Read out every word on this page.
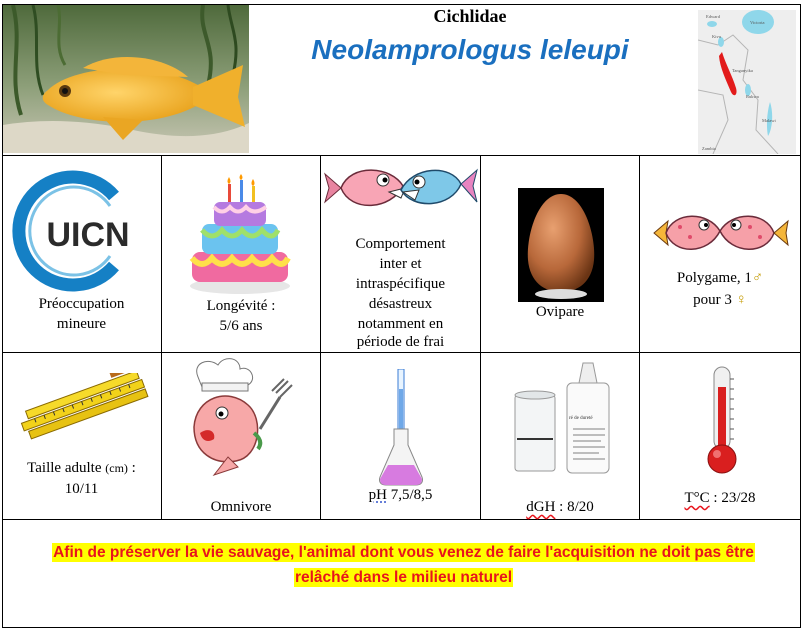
Cichlidae
Neolamprologus leleupi
Edward
Kivu
Victoria
Tanganyika
Rukwa
Malawi
Zambia
UICN
Préoccupation
mineure
Longévité :
5/6 ans
Comportement
inter et
intraspécifique
désastreux
notamment en
période de frai
Ovipare
Polygame, 1♂
pour 3 ♀
Taille adulte (cm) :
10/11
Omnivore
pH 7,5/8,5
ré de dureté
dGH : 8/20
T°C : 23/28
Afin de préserver la vie sauvage, l'animal dont vous venez de faire l'acquisition ne doit pas être
relâché dans le milieu naturel
